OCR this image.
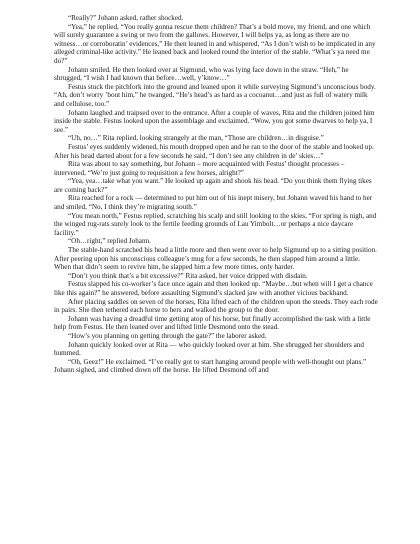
“Really?” Johann asked, rather shocked.

“Yea,” he replied, “You really gonna rescue them children? That’s a bold move, my friend, and one which will surely guarantee a swing or two from the gallows. However, I will helps ya, as long as there are no witness…or corroboratin’ evidences,” He then leaned in and whispered, “As I don’t wish to be implicated in any alleged criminal-like activity.” He leaned back and looked round the interior of the stable. “What’s ya need me do?”

Johann smiled. He then looked over at Sigmund, who was lying face down in the straw. “Heh,” he shrugged, “I wish I had known that before…well, y’know…”

Festus stuck the pitchfork into the ground and leaned upon it while surveying Sigmund’s unconscious body. “Ah, don’t worry ’bout him,” he twanged, “He’s head’s as hard as a cocoanut…and just as full of watery milk and cellulose, too.”

Johann laughed and traipsed over to the entrance. After a couple of waves, Rita and the children joined him inside the stable. Festus looked upon the assemblage and exclaimed. “Wow, you got some dwarves to help ya, I see.”

“Uh, no…” Rita replied, looking strangely at the man, “Those are children…in disguise.”

Festus’ eyes suddenly widened, his mouth dropped open and he ran to the door of the stable and looked up. After his head darted about for a few seconds he said, “I don’t see any children in de’ skies…”

Rita was about to say something, but Johann – more acquainted with Festus’ thought processes – intervened, “We’re just going to requisition a few horses, alright?”

“Yea, yea…take what you want.” He looked up again and shook his head. “Do you think them flying tikes are coming back?”

Rita reached for a rock — determined to put him out of his inept misery, but Johann waved his hand to her and smiled, “No, I think they’re migrating south.”

“You mean north,” Festus replied, scratching his scalp and still looking to the skies, “For spring is nigh, and the winged rug-rats surely look to the fertile feeding grounds of Lau Yimbolt…or perhaps a nice daycare facility.”

“Oh…right,” replied Johann.

The stable-hand scratched his head a little more and then went over to help Sigmund up to a sitting position. After peering upon his unconscious colleague’s mug for a few seconds, he then slapped him around a little. When that didn’t seem to revive him, he slapped him a few more times, only harder.

“Don’t you think that’s a bit excessive?” Rita asked, her voice dripped with disdain.

Festus slapped his co-worker’s face once again and then looked up. “Maybe…but when will I get a chance like this again?” he answered, before assaulting Sigmund’s slacked jaw with another vicious backhand.

After placing saddles on seven of the horses, Rita lifted each of the children upon the steeds. They each rode in pairs. She then tethered each horse to hers and walked the group to the door.

Johann was having a dreadful time getting atop of his horse, but finally accomplished the task with a little help from Festus. He then leaned over and lifted little Desmond onto the stead.

“How’s you planning on getting through the gate?” the laborer asked.

Johann quickly looked over at Rita — who quickly looked over at him. She shrugged her shoulders and hummed.

“Oh, Geez!” He exclaimed. “I’ve really got to start hanging around people with well-thought out plans.” Johann sighed, and climbed down off the horse. He lifted Desmond off and
